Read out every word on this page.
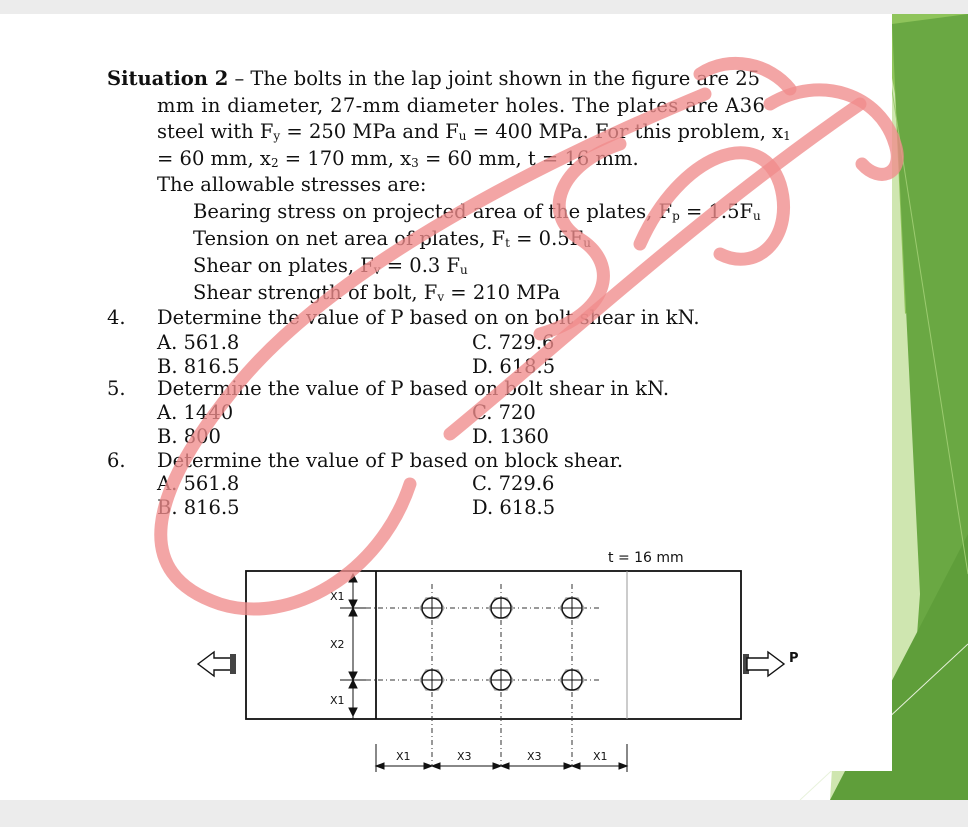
Situation 2 – The bolts in the lap joint shown in the figure are 25
mm in diameter, 27-mm diameter holes. The plates are A36
steel with $F_y = 250$ MPa and $F_u = 400$ MPa. For this problem, $x_1$
= 60 mm, $x_2 = 170$ mm, $x_3 = 60$ mm, t = 16 mm.
The allowable stresses are:
Bearing stress on projected area of the plates, $F_p = 1.5F_u$
Tension on net area of plates, $F_t = 0.5F_u$
Shear on plates, $F_v = 0.3$ $F_u$
Shear strength of bolt, $F_v = 210$ MPa
4. Determine the value of P based on on bolt shear in kN.
A. 561.8	C. 729.6
B. 816.5	D. 618.5
5. Determine the value of P based on bolt shear in kN.
A. 1440	C. 720
B. 800	D. 1360
6. Determine the value of P based on block shear.
A. 561.8	C. 729.6
B. 816.5	D. 618.5
t = 16 mm
X1
X2
X1
P
X1	X3	X3	X1
